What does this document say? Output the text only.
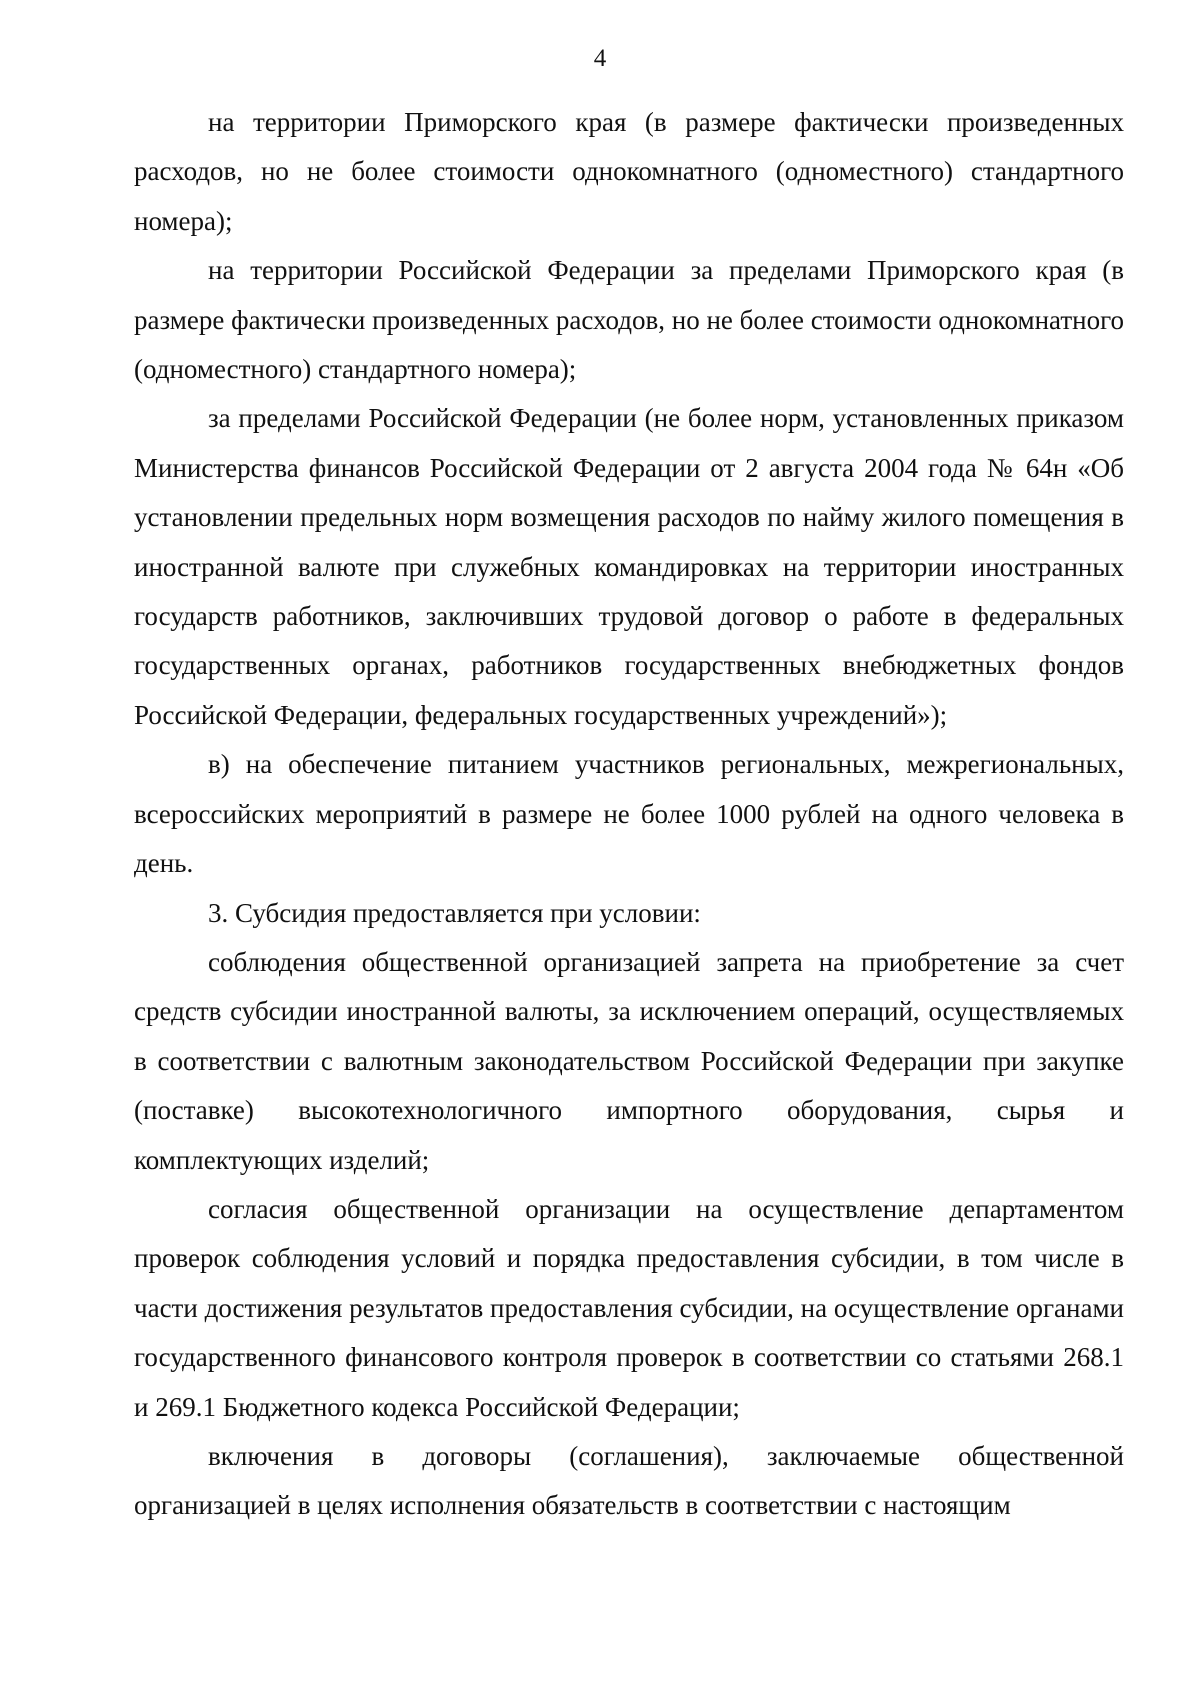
4

на территории Приморского края (в размере фактически произведенных расходов, но не более стоимости однокомнатного (одноместного) стандартного номера);

на территории Российской Федерации за пределами Приморского края (в размере фактически произведенных расходов, но не более стоимости однокомнатного (одноместного) стандартного номера);

за пределами Российской Федерации (не более норм, установленных приказом Министерства финансов Российской Федерации от 2 августа 2004 года № 64н «Об установлении предельных норм возмещения расходов по найму жилого помещения в иностранной валюте при служебных командировках на территории иностранных государств работников, заключивших трудовой договор о работе в федеральных государственных органах, работников государственных внебюджетных фондов Российской Федерации, федеральных государственных учреждений»);

в) на обеспечение питанием участников региональных, межрегиональных, всероссийских мероприятий в размере не более 1000 рублей на одного человека в день.

3. Субсидия предоставляется при условии:

соблюдения общественной организацией запрета на приобретение за счет средств субсидии иностранной валюты, за исключением операций, осуществляемых в соответствии с валютным законодательством Российской Федерации при закупке (поставке) высокотехнологичного импортного оборудования, сырья и комплектующих изделий;

согласия общественной организации на осуществление департаментом проверок соблюдения условий и порядка предоставления субсидии, в том числе в части достижения результатов предоставления субсидии, на осуществление органами государственного финансового контроля проверок в соответствии со статьями 268.1 и 269.1 Бюджетного кодекса Российской Федерации;

включения в договоры (соглашения), заключаемые общественной организацией в целях исполнения обязательств в соответствии с настоящим
